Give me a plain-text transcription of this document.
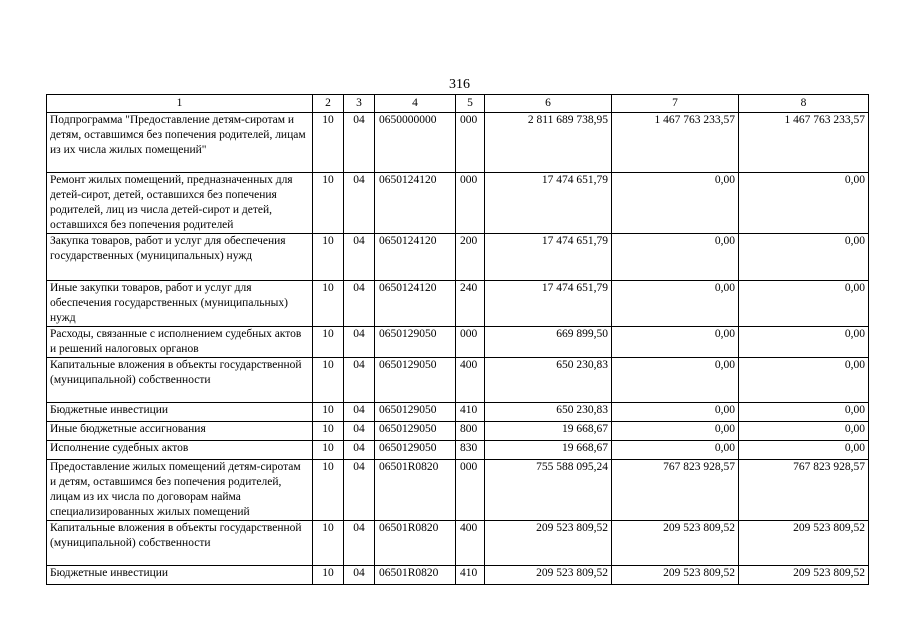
316
1	2	3	4	5	6	7	8
Подпрограмма "Предоставление детям-сиротам и детям, оставшимся без попечения родителей, лицам из их числа жилых помещений"	10	04	0650000000	000	2 811 689 738,95	1 467 763 233,57	1 467 763 233,57
Ремонт жилых помещений, предназначенных для детей-сирот, детей, оставшихся без попечения родителей, лиц из числа детей-сирот и детей, оставшихся без попечения родителей	10	04	0650124120	000	17 474 651,79	0,00	0,00
Закупка товаров, работ и услуг для обеспечения государственных (муниципальных) нужд	10	04	0650124120	200	17 474 651,79	0,00	0,00
Иные закупки товаров, работ и услуг для обеспечения государственных (муниципальных) нужд	10	04	0650124120	240	17 474 651,79	0,00	0,00
Расходы, связанные с исполнением судебных актов и решений налоговых органов	10	04	0650129050	000	669 899,50	0,00	0,00
Капитальные вложения в объекты государственной (муниципальной) собственности	10	04	0650129050	400	650 230,83	0,00	0,00
Бюджетные инвестиции	10	04	0650129050	410	650 230,83	0,00	0,00
Иные бюджетные ассигнования	10	04	0650129050	800	19 668,67	0,00	0,00
Исполнение судебных актов	10	04	0650129050	830	19 668,67	0,00	0,00
Предоставление жилых помещений детям-сиротам и детям, оставшимся без попечения родителей, лицам из их числа по договорам найма специализированных жилых помещений	10	04	06501R0820	000	755 588 095,24	767 823 928,57	767 823 928,57
Капитальные вложения в объекты государственной (муниципальной) собственности	10	04	06501R0820	400	209 523 809,52	209 523 809,52	209 523 809,52
Бюджетные инвестиции	10	04	06501R0820	410	209 523 809,52	209 523 809,52	209 523 809,52
